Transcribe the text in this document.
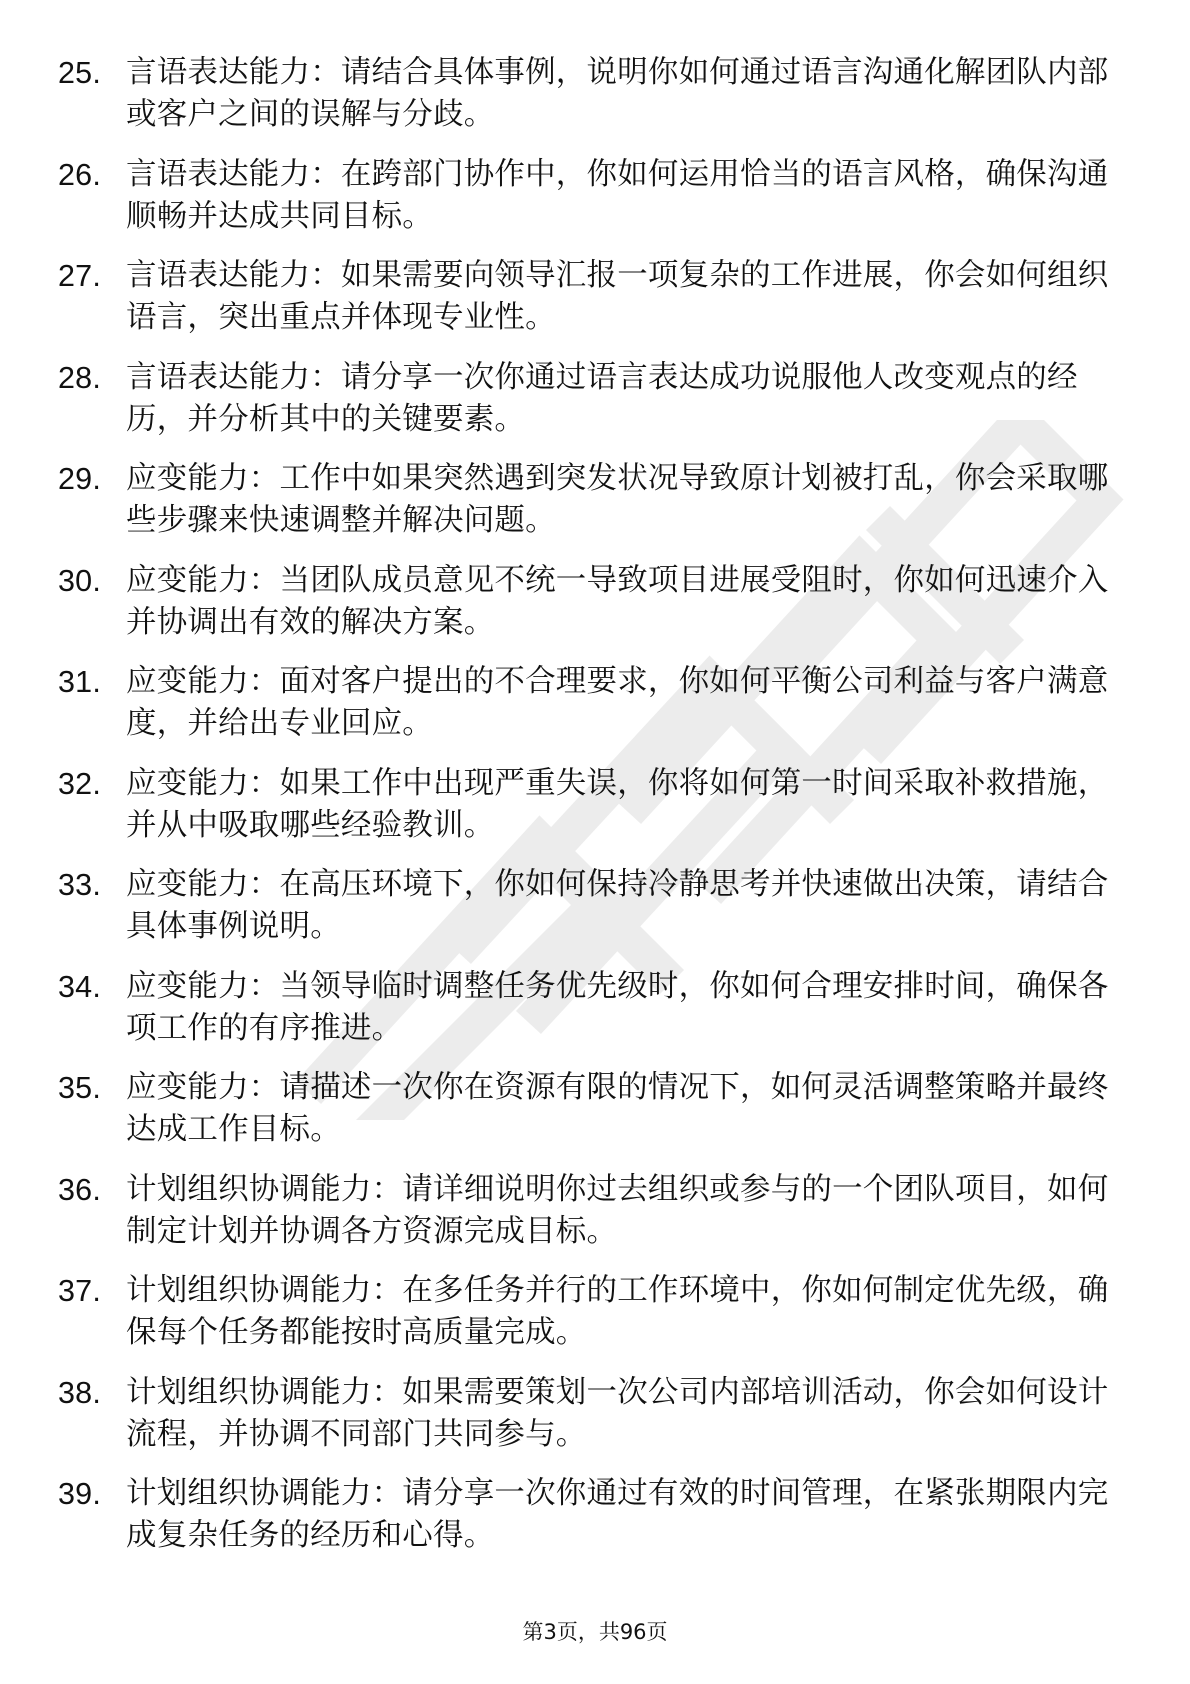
25. 言语表达能力：请结合具体事例，说明你如何通过语言沟通化解团队内部或客户之间的误解与分歧。
26. 言语表达能力：在跨部门协作中，你如何运用恰当的语言风格，确保沟通顺畅并达成共同目标。
27. 言语表达能力：如果需要向领导汇报一项复杂的工作进展，你会如何组织语言，突出重点并体现专业性。
28. 言语表达能力：请分享一次你通过语言表达成功说服他人改变观点的经历，并分析其中的关键要素。
29. 应变能力：工作中如果突然遇到突发状况导致原计划被打乱，你会采取哪些步骤来快速调整并解决问题。
30. 应变能力：当团队成员意见不统一导致项目进展受阻时，你如何迅速介入并协调出有效的解决方案。
31. 应变能力：面对客户提出的不合理要求，你如何平衡公司利益与客户满意度，并给出专业回应。
32. 应变能力：如果工作中出现严重失误，你将如何第一时间采取补救措施，并从中吸取哪些经验教训。
33. 应变能力：在高压环境下，你如何保持冷静思考并快速做出决策，请结合具体事例说明。
34. 应变能力：当领导临时调整任务优先级时，你如何合理安排时间，确保各项工作的有序推进。
35. 应变能力：请描述一次你在资源有限的情况下，如何灵活调整策略并最终达成工作目标。
36. 计划组织协调能力：请详细说明你过去组织或参与的一个团队项目，如何制定计划并协调各方资源完成目标。
37. 计划组织协调能力：在多任务并行的工作环境中，你如何制定优先级，确保每个任务都能按时高质量完成。
38. 计划组织协调能力：如果需要策划一次公司内部培训活动，你会如何设计流程，并协调不同部门共同参与。
39. 计划组织协调能力：请分享一次你通过有效的时间管理，在紧张期限内完成复杂任务的经历和心得。
第3页，共96页
